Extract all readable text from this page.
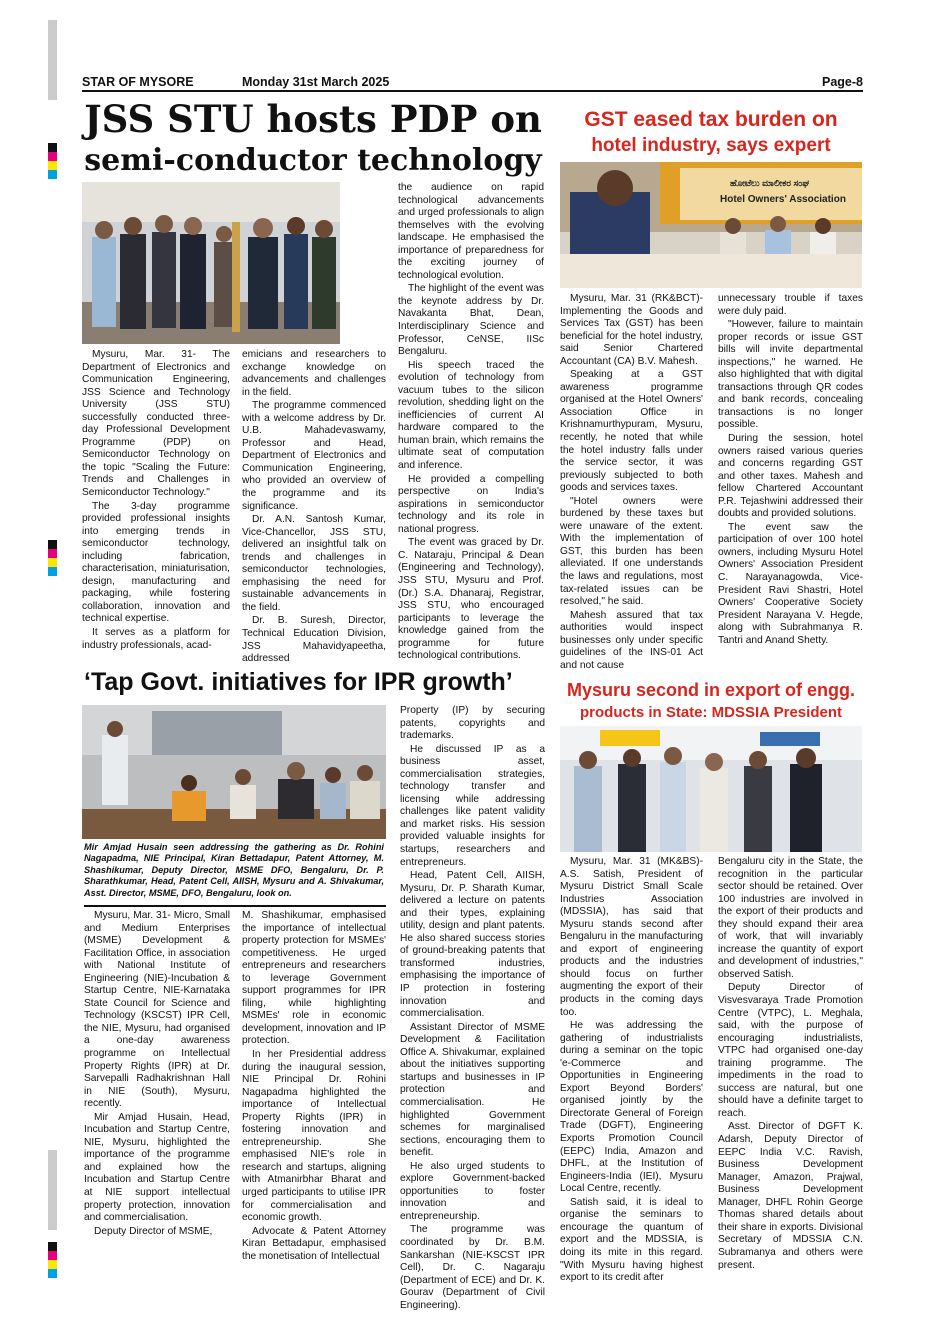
STAR OF MYSORE	Monday 31st March 2025	Page-8
JSS STU hosts PDP on
semi-conductor technology

Mysuru, Mar. 31- The Department of Electronics and Communication Engineering, JSS Science and Technology University (JSS STU) successfully conducted three-day Professional Development Programme (PDP) on Semiconductor Technology on the topic "Scaling the Future: Trends and Challenges in Semiconductor Technology."

The 3-day programme provided professional insights into emerging trends in semiconductor technology, including fabrication, characterisation, miniaturisation, design, manufacturing and packaging, while fostering collaboration, innovation and technical expertise.

It serves as a platform for industry professionals, acad-

emicians and researchers to exchange knowledge on advancements and challenges in the field.

The programme commenced with a welcome address by Dr. U.B. Mahadevaswamy, Professor and Head, Department of Electronics and Communication Engineering, who provided an overview of the programme and its significance.

Dr. A.N. Santosh Kumar, Vice-Chancellor, JSS STU, delivered an insightful talk on trends and challenges in semiconductor technologies, emphasising the need for sustainable advancements in the field.

Dr. B. Suresh, Director, Technical Education Division, JSS Mahavidyapeetha, addressed

the audience on rapid technological advancements and urged professionals to align themselves with the evolving landscape. He emphasised the importance of preparedness for the exciting journey of technological evolution.

The highlight of the event was the keynote address by Dr. Navakanta Bhat, Dean, Interdisciplinary Science and Professor, CeNSE, IISc Bengaluru.

His speech traced the evolution of technology from vacuum tubes to the silicon revolution, shedding light on the inefficiencies of current AI hardware compared to the human brain, which remains the ultimate seat of computation and inference.

He provided a compelling perspective on India's aspirations in semiconductor technology and its role in national progress.

The event was graced by Dr. C. Nataraju, Principal & Dean (Engineering and Technology), JSS STU, Mysuru and Prof. (Dr.) S.A. Dhanaraj, Registrar, JSS STU, who encouraged participants to leverage the knowledge gained from the programme for future technological contributions.

GST eased tax burden on
hotel industry, says expert
ಹೋಟೆಲು ಮಾಲೀಕರ ಸಂಘ
Hotel Owners' Association

Mysuru, Mar. 31 (RK&BCT)- Implementing the Goods and Services Tax (GST) has been beneficial for the hotel industry, said Senior Chartered Accountant (CA) B.V. Mahesh.

Speaking at a GST awareness programme organised at the Hotel Owners' Association Office in Krishnamurthypuram, Mysuru, recently, he noted that while the hotel industry falls under the service sector, it was previously subjected to both goods and services taxes.

"Hotel owners were burdened by these taxes but were unaware of the extent. With the implementation of GST, this burden has been alleviated. If one understands the laws and regulations, most tax-related issues can be resolved," he said.

Mahesh assured that tax authorities would inspect businesses only under specific guidelines of the INS-01 Act and not cause

unnecessary trouble if taxes were duly paid.

"However, failure to maintain proper records or issue GST bills will invite departmental inspections," he warned. He also highlighted that with digital transactions through QR codes and bank records, concealing transactions is no longer possible.

During the session, hotel owners raised various queries and concerns regarding GST and other taxes. Mahesh and fellow Chartered Accountant P.R. Tejashwini addressed their doubts and provided solutions.

The event saw the participation of over 100 hotel owners, including Mysuru Hotel Owners' Association President C. Narayanagowda, Vice-President Ravi Shastri, Hotel Owners' Cooperative Society President Narayana V. Hegde, along with Subrahmanya R. Tantri and Anand Shetty.

‘Tap Govt. initiatives for IPR growth’
Mir Amjad Husain seen addressing the gathering as Dr. Rohini Nagapadma, NIE Principal, Kiran Bettadapur, Patent Attorney, M. Shashikumar, Deputy Director, MSME DFO, Bengaluru, Dr. P. Sharathkumar, Head, Patent Cell, AIISH, Mysuru and A. Shivakumar, Asst. Director, MSME, DFO, Bengaluru, look on.

Mysuru, Mar. 31- Micro, Small and Medium Enterprises (MSME) Development & Facilitation Office, in association with National Institute of Engineering (NIE)-Incubation & Startup Centre, NIE-Karnataka State Council for Science and Technology (KSCST) IPR Cell, the NIE, Mysuru, had organised a one-day awareness programme on Intellectual Property Rights (IPR) at Dr. Sarvepalli Radhakrishnan Hall in NIE (South), Mysuru, recently.

Mir Amjad Husain, Head, Incubation and Startup Centre, NIE, Mysuru, highlighted the importance of the programme and explained how the Incubation and Startup Centre at NIE support intellectual property protection, innovation and commercialisation.

Deputy Director of MSME,

M. Shashikumar, emphasised the importance of intellectual property protection for MSMEs' competitiveness. He urged entrepreneurs and researchers to leverage Government support programmes for IPR filing, while highlighting MSMEs' role in economic development, innovation and IP protection.

In her Presidential address during the inaugural session, NIE Principal Dr. Rohini Nagapadma highlighted the importance of Intellectual Property Rights (IPR) in fostering innovation and entrepreneurship. She emphasised NIE's role in research and startups, aligning with Atmanirbhar Bharat and urged participants to utilise IPR for commercialisation and economic growth.

Advocate & Patent Attorney Kiran Bettadapur, emphasised the monetisation of Intellectual

Property (IP) by securing patents, copyrights and trademarks.

He discussed IP as a business asset, commercialisation strategies, technology transfer and licensing while addressing challenges like patent validity and market risks. His session provided valuable insights for startups, researchers and entrepreneurs.

Head, Patent Cell, AIISH, Mysuru, Dr. P. Sharath Kumar, delivered a lecture on patents and their types, explaining utility, design and plant patents. He also shared success stories of ground-breaking patents that transformed industries, emphasising the importance of IP protection in fostering innovation and commercialisation.

Assistant Director of MSME Development & Facilitation Office A. Shivakumar, explained about the initiatives supporting startups and businesses in IP protection and commercialisation. He highlighted Government schemes for marginalised sections, encouraging them to benefit.

He also urged students to explore Government-backed opportunities to foster innovation and entrepreneurship.

The programme was coordinated by Dr. B.M. Sankarshan (NIE-KSCST IPR Cell), Dr. C. Nagaraju (Department of ECE) and Dr. K. Gourav (Department of Civil Engineering).

Mysuru second in export of engg.
products in State: MDSSIA President

Mysuru, Mar. 31 (MK&BS)- A.S. Satish, President of Mysuru District Small Scale Industries Association (MDSSIA), has said that Mysuru stands second after Bengaluru in the manufacturing and export of engineering products and the industries should focus on further augmenting the export of their products in the coming days too.

He was addressing the gathering of industrialists during a seminar on the topic 'e-Commerce and Opportunities in Engineering Export Beyond Borders' organised jointly by the Directorate General of Foreign Trade (DGFT), Engineering Exports Promotion Council (EEPC) India, Amazon and DHFL, at the Institution of Engineers-India (IEI), Mysuru Local Centre, recently.

Satish said, it is ideal to organise the seminars to encourage the quantum of export and the MDSSIA, is doing its mite in this regard. "With Mysuru having highest export to its credit after

Bengaluru city in the State, the recognition in the particular sector should be retained. Over 100 industries are involved in the export of their products and they should expand their area of work, that will invariably increase the quantity of export and development of industries," observed Satish.

Deputy Director of Visvesvaraya Trade Promotion Centre (VTPC), L. Meghala, said, with the purpose of encouraging industrialists, VTPC had organised one-day training programme. The impediments in the road to success are natural, but one should have a definite target to reach.

Asst. Director of DGFT K. Adarsh, Deputy Director of EEPC India V.C. Ravish, Business Development Manager, Amazon, Prajwal, Business Development Manager, DHFL Rohin George Thomas shared details about their share in exports. Divisional Secretary of MDSSIA C.N. Subramanya and others were present.
